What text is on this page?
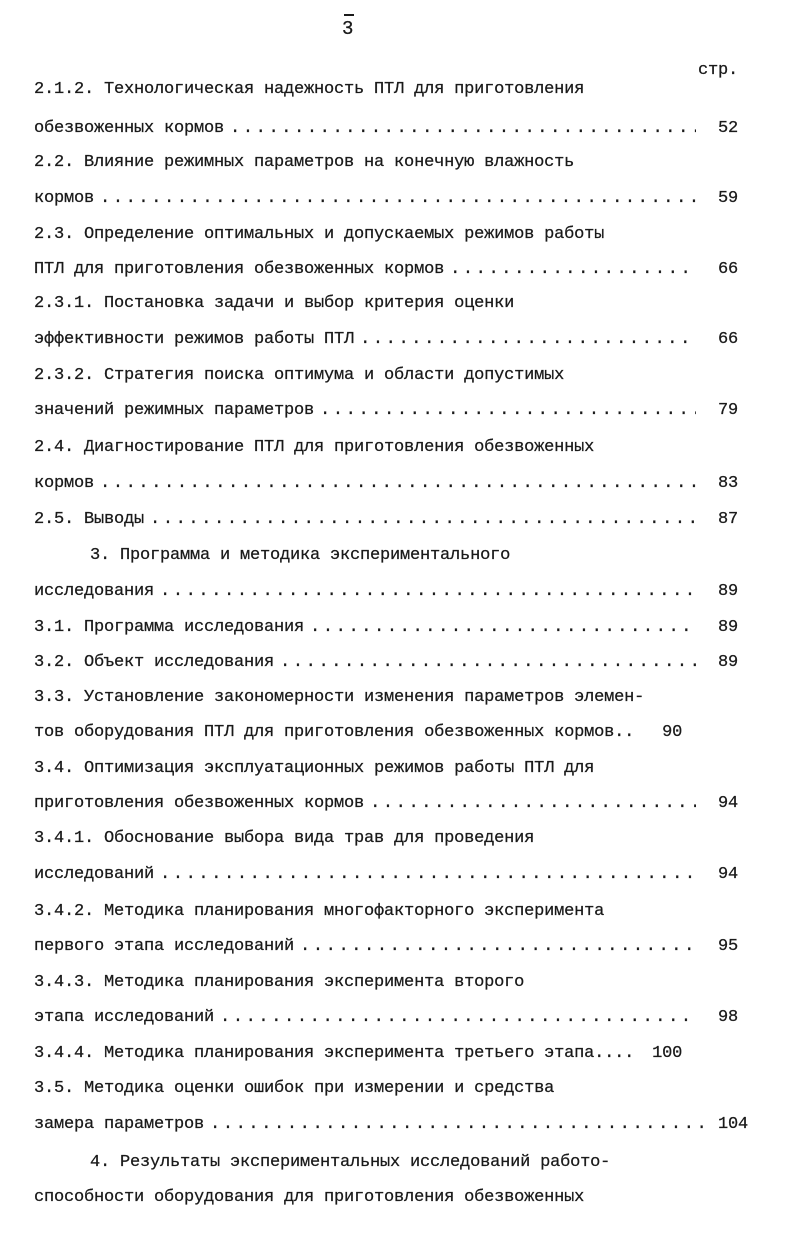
3
стр.
2.1.2. Технологическая надежность ПТЛ для приготовления
обезвоженных кормов .....	52
2.2. Влияние режимных параметров на конечную влажность
кормов .....	59
2.3. Определение оптимальных и допускаемых режимов работы
ПТЛ для приготовления обезвоженных кормов .....	66
2.3.1. Постановка задачи и выбор критерия оценки
эффективности режимов работы ПТЛ .....	66
2.3.2. Стратегия поиска оптимума и области допустимых
значений режимных параметров .....	79
2.4. Диагностирование ПТЛ для приготовления обезвоженных
кормов .....	83
2.5. Выводы .....	87
3. Программа и методика экспериментального
исследования .....	89
3.1. Программа исследования .....	89
3.2. Объект исследования .....	89
3.3. Установление закономерности изменения параметров элемен-
тов оборудования ПТЛ для приготовления обезвоженных кормов..	90
3.4. Оптимизация эксплуатационных режимов работы ПТЛ для
приготовления обезвоженных кормов .....	94
3.4.1. Обоснование выбора вида трав для проведения
исследований .....	94
3.4.2. Методика планирования многофакторного эксперимента
первого этапа исследований .....	95
3.4.3. Методика планирования эксперимента второго
этапа исследований .....	98
3.4.4. Методика планирования эксперимента третьего этапа....	100
3.5. Методика оценки ошибок при измерении и средства
замера параметров .....	104
4. Результаты экспериментальных исследований работо-
способности оборудования для приготовления обезвоженных
